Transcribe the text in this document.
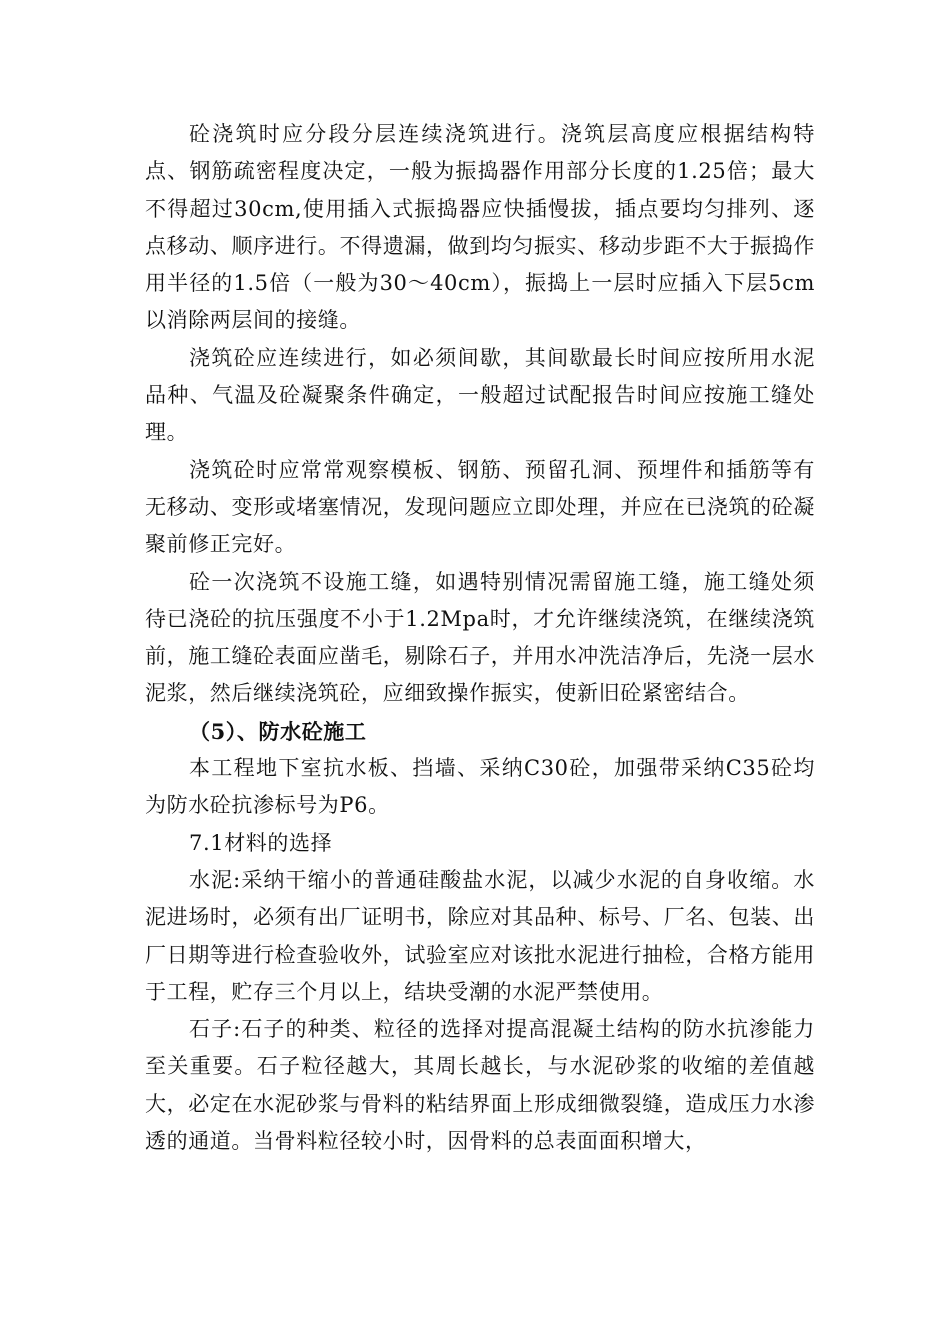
砼浇筑时应分段分层连续浇筑进行。浇筑层高度应根据结构特点、钢筋疏密程度决定，一般为振捣器作用部分长度的1.25倍；最大不得超过30cm,使用插入式振捣器应快插慢拔，插点要均匀排列、逐点移动、顺序进行。不得遗漏，做到均匀振实、移动步距不大于振捣作用半径的1.5倍（一般为30～40cm），振捣上一层时应插入下层5cm以消除两层间的接缝。

浇筑砼应连续进行，如必须间歇，其间歇最长时间应按所用水泥品种、气温及砼凝聚条件确定，一般超过试配报告时间应按施工缝处理。

浇筑砼时应常常观察模板、钢筋、预留孔洞、预埋件和插筋等有无移动、变形或堵塞情况，发现问题应立即处理，并应在已浇筑的砼凝聚前修正完好。

砼一次浇筑不设施工缝，如遇特别情况需留施工缝，施工缝处须待已浇砼的抗压强度不小于1.2Mpa时，才允许继续浇筑，在继续浇筑前，施工缝砼表面应凿毛，剔除石子，并用水冲洗洁净后，先浇一层水泥浆，然后继续浇筑砼，应细致操作振实，使新旧砼紧密结合。

（5）、防水砼施工

本工程地下室抗水板、挡墙、采纳C30砼，加强带采纳C35砼均为防水砼抗渗标号为P6。

7.1材料的选择

水泥:采纳干缩小的普通硅酸盐水泥，以减少水泥的自身收缩。水泥进场时，必须有出厂证明书，除应对其品种、标号、厂名、包装、出厂日期等进行检查验收外，试验室应对该批水泥进行抽检，合格方能用于工程，贮存三个月以上，结块受潮的水泥严禁使用。

石子:石子的种类、粒径的选择对提高混凝土结构的防水抗渗能力至关重要。石子粒径越大，其周长越长，与水泥砂浆的收缩的差值越大，必定在水泥砂浆与骨料的粘结界面上形成细微裂缝，造成压力水渗透的通道。当骨料粒径较小时，因骨料的总表面面积增大，
